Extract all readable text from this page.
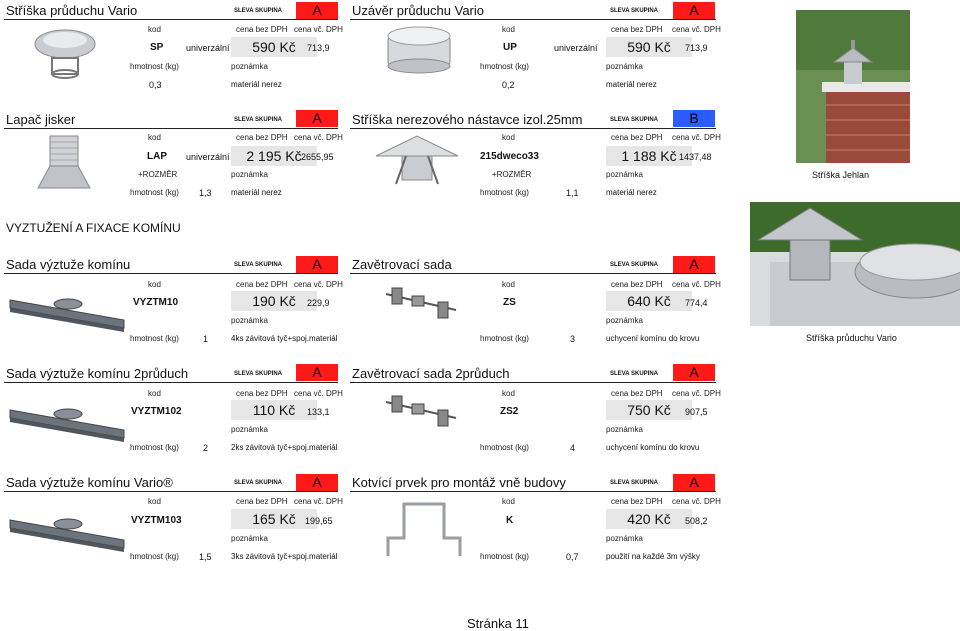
Stříška průduchu Vario	SLEVA SKUPINA	A
kod	cena bez DPH cena vč. DPH
SP	univerzální	590 Kč	713,9
hmotnost (kg)	poznámka
0,3	materiál nerez
Uzávěr průduchu Vario	SLEVA SKUPINA	A
kod	cena bez DPH cena vč. DPH
UP	univerzální	590 Kč	713,9
hmotnost (kg)	poznámka
0,2	materiál nerez
Lapač jisker	SLEVA SKUPINA	A
kod	cena bez DPH cena vč. DPH
LAP univerzální	2 195 Kč 2655,95
+ROZMĚR	poznámka
hmotnost (kg) 1,3 materiál nerez
Stříška nerezového nástavce izol.25mm	SLEVA SKUPINA	B
kod	cena bez DPH cena vč. DPH
215dweco33	1 188 Kč 1437,48
+ROZMĚR	poznámka
hmotnost (kg)	1,1	materiál nerez
Stříška Jehlan
VYZTUŽENÍ A FIXACE KOMÍNU
Sada výztuže komínu	SLEVA SKUPINA	A
kod	cena bez DPH cena vč. DPH
VYZTM10	190 Kč	229,9
poznámka
hmotnost (kg)	1	4ks závitová tyč+spoj.materiál
Zavětrovací sada	SLEVA SKUPINA	A
kod	cena bez DPH cena vč. DPH
ZS	640 Kč	774,4
poznámka
hmotnost (kg)	3	uchycení komínu do krovu	Stříška průduchu Vario
Sada výztuže komínu 2průduch	SLEVA SKUPINA	A
kod	cena bez DPH cena vč. DPH
VYZTM102	110 Kč	133,1
poznámka
hmotnost (kg)	2	2ks závitová tyč+spoj.materiál
Zavětrovací sada 2průduch	SLEVA SKUPINA	A
kod	cena bez DPH cena vč. DPH
ZS2	750 Kč	907,5
poznámka
hmotnost (kg)	4	uchycení komínu do krovu
Sada výztuže komínu Vario®	SLEVA SKUPINA	A
kod	cena bez DPH cena vč. DPH
VYZTM103	165 Kč	199,65
poznámka
hmotnost (kg) 1,5 3ks závitová tyč+spoj.materiál
Kotvící prvek pro montáž vně budovy	SLEVA SKUPINA	A
kod	cena bez DPH cena vč. DPH
K	420 Kč	508,2
poznámka
hmotnost (kg)	0,7	použití na každé 3m výšky
Stránka 11
